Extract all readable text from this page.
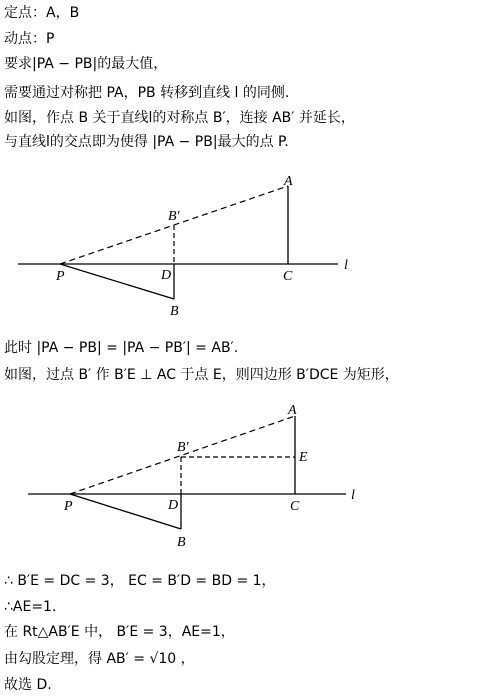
定点：A，B
动点：P
要求|PA − PB|的最大值，
需要通过对称把 PA，PB 转移到直线 l 的同侧.
如图，作点 B 关于直线l的对称点 B′，连接 AB′ 并延长，
与直线l的交点即为使得 |PA − PB|最大的点 P.
A
B′
P	D	C
l
B
此时 |PA − PB| = |PA − PB′| = AB′.
如图，过点 B′ 作 B′E ⊥ AC 于点 E，则四边形 B′DCE 为矩形，
A
B′
E
P	D	C
l
B
∴ B′E = DC = 3， EC = B′D = BD = 1，
∴AE=1.
在 Rt△AB′E 中， B′E = 3，AE=1，
由勾股定理，得 AB′ = √10 ，
故选 D.
